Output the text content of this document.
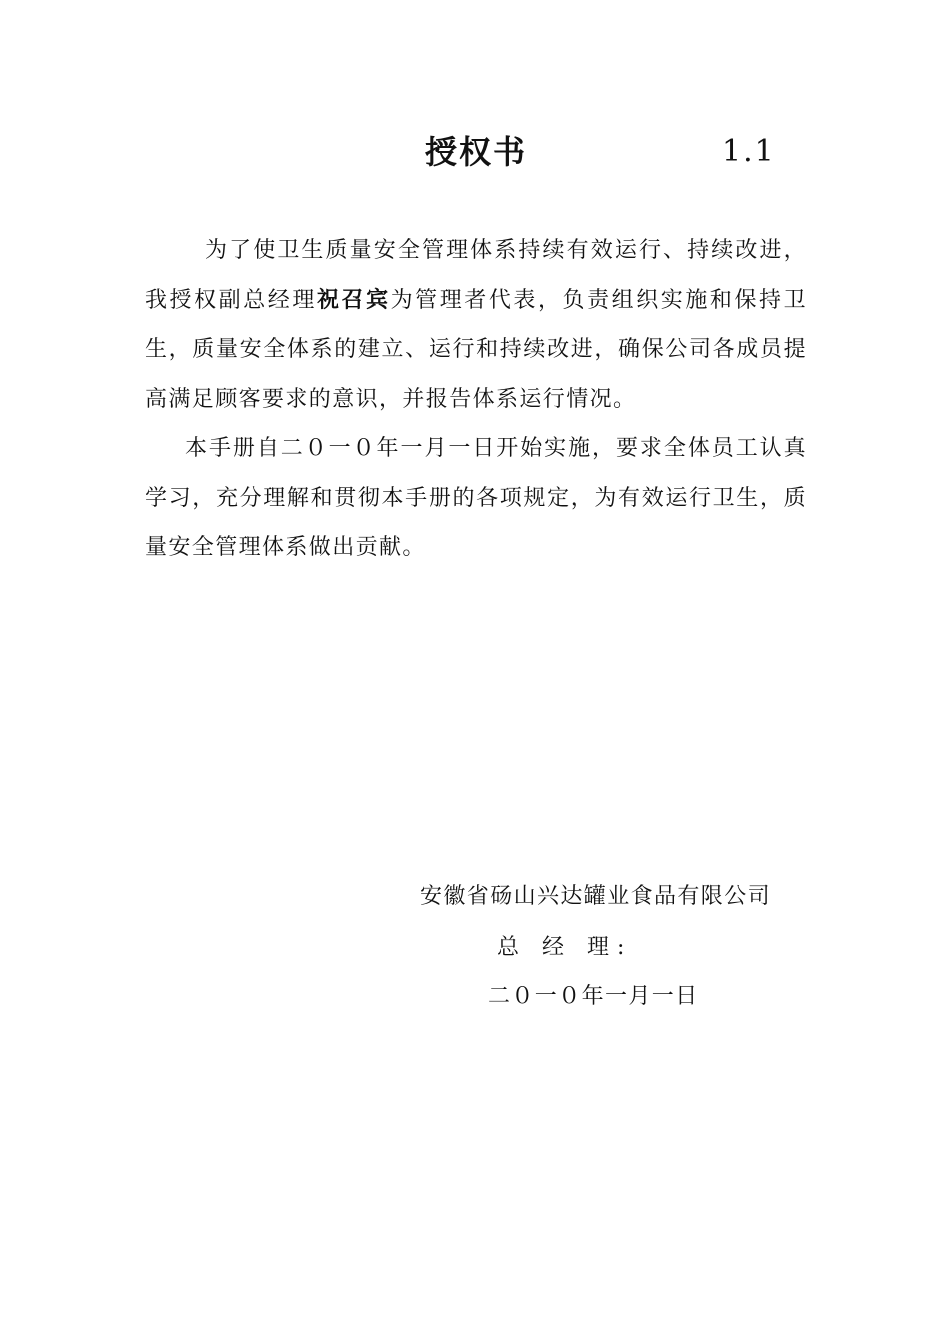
授权书	1.1

为了使卫生质量安全管理体系持续有效运行、持续改进，我授权副总经理祝召宾为管理者代表，负责组织实施和保持卫生，质量安全体系的建立、运行和持续改进，确保公司各成员提高满足顾客要求的意识，并报告体系运行情况。

本手册自二０一０年一月一日开始实施，要求全体员工认真学习，充分理解和贯彻本手册的各项规定，为有效运行卫生，质量安全管理体系做出贡献。

安徽省砀山兴达罐业食品有限公司
总 经 理:
二０一０年一月一日
